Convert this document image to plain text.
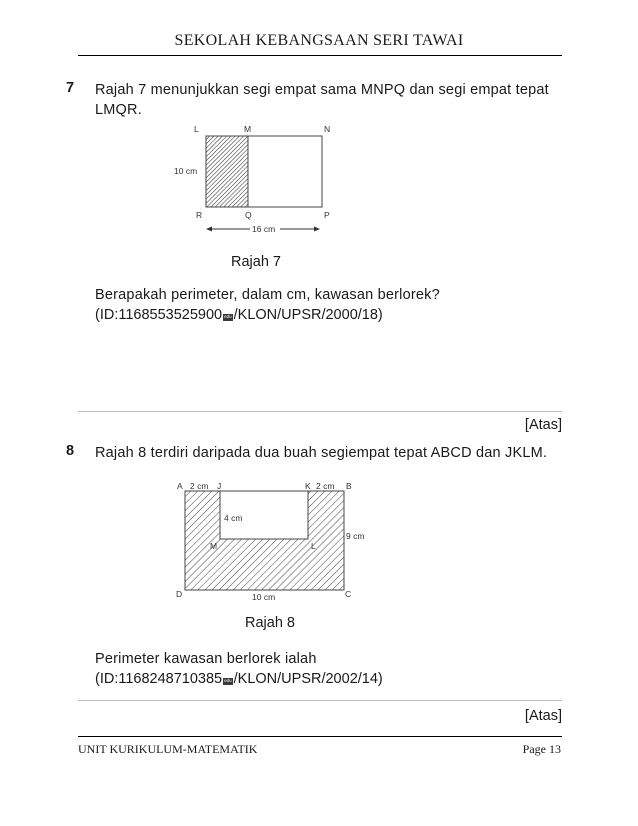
SEKOLAH KEBANGSAAN SERI TAWAI
7 Rajah 7 menunjukkan segi empat sama MNPQ dan segi empat tepat LMQR.
L	M	N
10 cm
R	Q	P
16 cm
Rajah 7
Berapakah perimeter, dalam cm, kawasan berlorek?
(ID:1168553525900 edu /KLON/UPSR/2000/18)
[Atas]
8 Rajah 8 terdiri daripada dua buah segiempat tepat ABCD dan JKLM.
A 2 cm J	K 2 cm B
4 cm
9 cm
M	L
D	10 cm	C
Rajah 8
Perimeter kawasan berlorek ialah
(ID:1168248710385 edu /KLON/UPSR/2002/14)
[Atas]
UNIT KURIKULUM-MATEMATIK	Page 13
